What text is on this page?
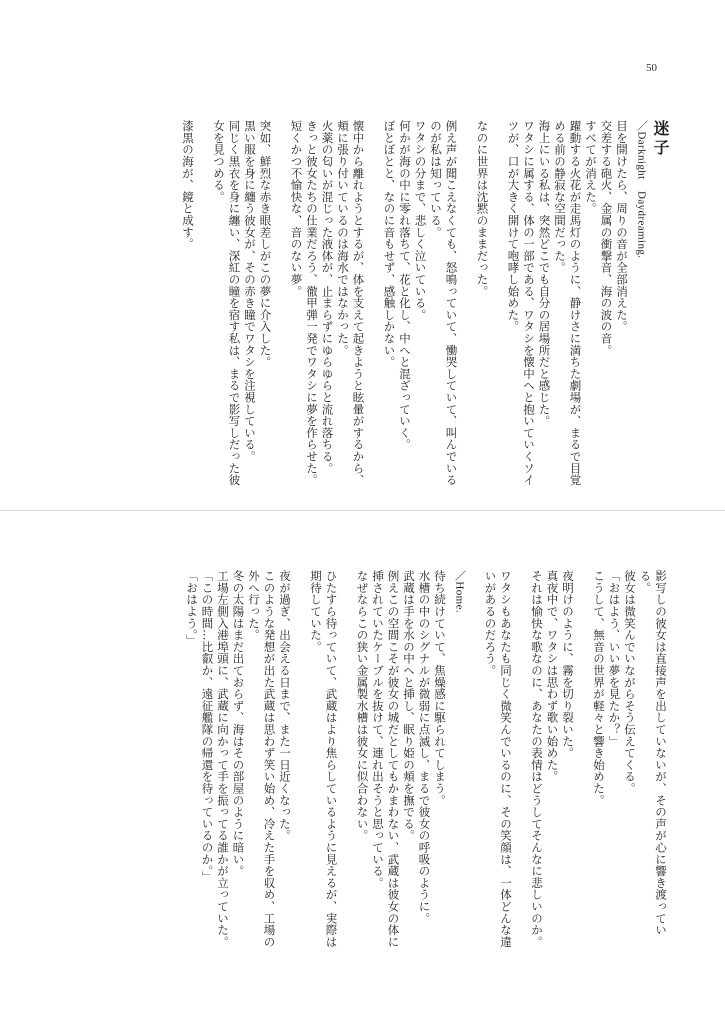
50
迷子
／Darknight　Daydreaming.

目を開けたら、周りの音が全部消えた。
交差する砲火、金属の衝撃音、海の波の音。
すべてが消えた。

躍動する火花が走馬灯のように、静けさに満ちた劇場が、まるで目覚める前の静寂な空間だった。
海上にいる私は、突然どこでも自分の居場所だと感じた。
ワタシに属する、体の一部である、ワタシを懐中へと抱いていくソイツが、口が大きく開けて咆哮し始めた。

なのに世界は沈黙のままだった。

例え声が聞こえなくても、怒鳴っていて、慟哭していて、叫んでいるのが私は知っている。
ワタシの分まで、悲しく泣いている。
何かが海の中に零れ落ちて、花と化し、中へと混ざっていく。
ぼとぼとと、なのに音もせず、感触しかない。

懐中から離れようとするが、体を支えて起きようと眩暈がするから、頬に張り付いているのは海水ではなかった。
火薬の匂いが混じった液体が、止まらずにゆらゆらと流れ落ちる。
きっと彼女たちの仕業だろう、徹甲弾一発でワタシに夢を作らせた。
短くかつ不愉快な、音のない夢。

突如、鮮烈な赤き眼差しがこの夢に介入した。
黒い服を身に纏う彼女が、その赤き瞳でワタシを注視している。
同じく黒衣を身に纏い、深紅の瞳を宿す私は、まるで影写しだった彼女を見つめる。

漆黒の海が、鏡と成す。

影写しの彼女は直接声を出していないが、その声が心に響き渡っている。
彼女は微笑んでいながらそう伝えてくる。
「おはよう、いい夢を見たか？」

こうして、無音の世界が軽々と響き始めた。

夜明けのように、霧を切り裂いた。
真夜中で、ワタシは思わず歌い始めた。
それは愉快な歌なのに、あなたの表情はどうしてそんなに悲しいのか。

ワタシもあなたも同じく微笑んでいるのに、その笑顔は、一体どんな違いがあるのだろう。

／Home.

待ち続けていて、焦燥感に駆られてしまう。

水槽の中のシグナルが微弱に点滅し、まるで彼女の呼吸のように。
武蔵は手を水の中へと挿し、眠り姫の頬を撫でる。
例えこの空間こそが彼女の城だとしてもかまわない、武蔵は彼女の体に挿されていたケーブルを抜けて、連れ出そうと思っている。
なぜならこの狭い金属製水槽は彼女に似合わない。

ひたすら待っていて、武蔵はより焦らしているように見えるが、実際は期待していた。

夜が過ぎ、出会える日まで、また一日近くなった。
このような発想が出た武蔵は思わず笑い始め、冷えた手を収め、工場の外へ行った。
冬の太陽はまだ出ておらず、海はその部屋のように暗い。
工場左側入港埠頭に、武蔵に向かって手を振ってる誰かが立っていた。
「この時間…比叡か、遠征艦隊の帰還を待っているのか。」
「おはよう。」
